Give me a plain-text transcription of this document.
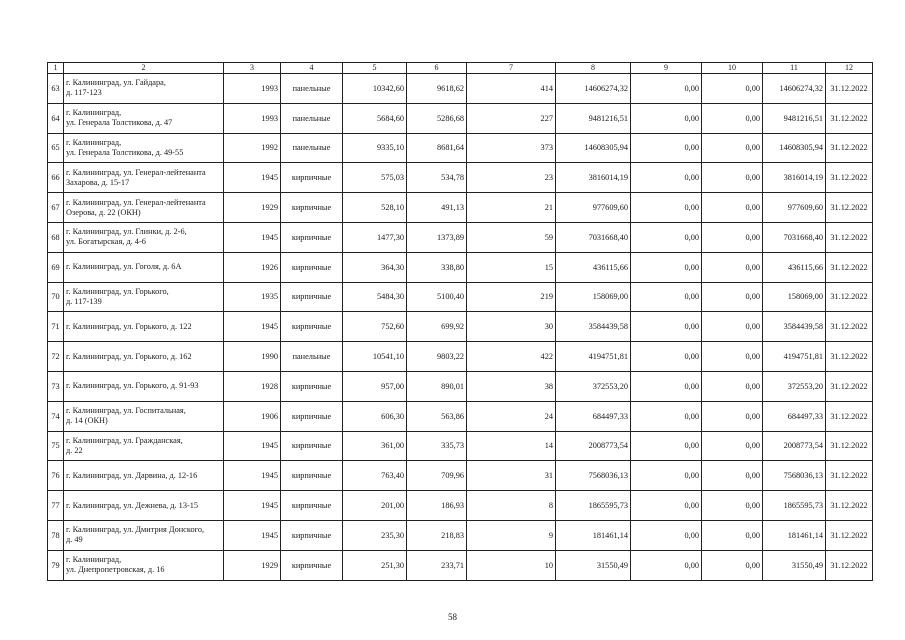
1	2	3	4	5	6	7	8	9	10	11	12
63	г. Калининград, ул. Гайдара,
д. 117-123	1993	панельные	10342,60	9618,62	414	14606274,32	0,00	0,00	14606274,32	31.12.2022
64	г. Калининград,
ул. Генерала Толстикова, д. 47	1993	панельные	5684,60	5286,68	227	9481216,51	0,00	0,00	9481216,51	31.12.2022
65	г. Калининград,
ул. Генерала Толстикова, д. 49-55	1992	панельные	9335,10	8681,64	373	14608305,94	0,00	0,00	14608305,94	31.12.2022
66	г. Калининград, ул. Генерал-лейтенанта
Захарова, д. 15-17	1945	кирпичные	575,03	534,78	23	3816014,19	0,00	0,00	3816014,19	31.12.2022
67	г. Калининград, ул. Генерал-лейтенанта
Озерова, д. 22 (ОКН)	1929	кирпичные	528,10	491,13	21	977609,60	0,00	0,00	977609,60	31.12.2022
68	г. Калининград, ул. Глинки, д. 2-6,
ул. Богатырская, д. 4-6	1945	кирпичные	1477,30	1373,89	59	7031668,40	0,00	0,00	7031668,40	31.12.2022
69	г. Калининград, ул. Гоголя, д. 6А	1926	кирпичные	364,30	338,80	15	436115,66	0,00	0,00	436115,66	31.12.2022
70	г. Калининград, ул. Горького,
д. 117-139	1935	кирпичные	5484,30	5100,40	219	158069,00	0,00	0,00	158069,00	31.12.2022
71	г. Калининград, ул. Горького, д. 122	1945	кирпичные	752,60	699,92	30	3584439,58	0,00	0,00	3584439,58	31.12.2022
72	г. Калининград, ул. Горького, д. 162	1990	панельные	10541,10	9803,22	422	4194751,81	0,00	0,00	4194751,81	31.12.2022
73	г. Калининград, ул. Горького, д. 91-93	1928	кирпичные	957,00	890,01	38	372553,20	0,00	0,00	372553,20	31.12.2022
74	г. Калининград, ул. Госпитальная,
д. 14 (ОКН)	1906	кирпичные	606,30	563,86	24	684497,33	0,00	0,00	684497,33	31.12.2022
75	г. Калининград, ул. Гражданская,
д. 22	1945	кирпичные	361,00	335,73	14	2008773,54	0,00	0,00	2008773,54	31.12.2022
76	г. Калининград, ул. Дарвина, д. 12-16	1945	кирпичные	763,40	709,96	31	7568036,13	0,00	0,00	7568036,13	31.12.2022
77	г. Калининград, ул. Дежнева, д. 13-15	1945	кирпичные	201,00	186,93	8	1865595,73	0,00	0,00	1865595,73	31.12.2022
78	г. Калининград, ул. Дмитрия Донского,
д. 49	1945	кирпичные	235,30	218,83	9	181461,14	0,00	0,00	181461,14	31.12.2022
79	г. Калининград,
ул. Днепропетровская, д. 16	1929	кирпичные	251,30	233,71	10	31550,49	0,00	0,00	31550,49	31.12.2022
58
